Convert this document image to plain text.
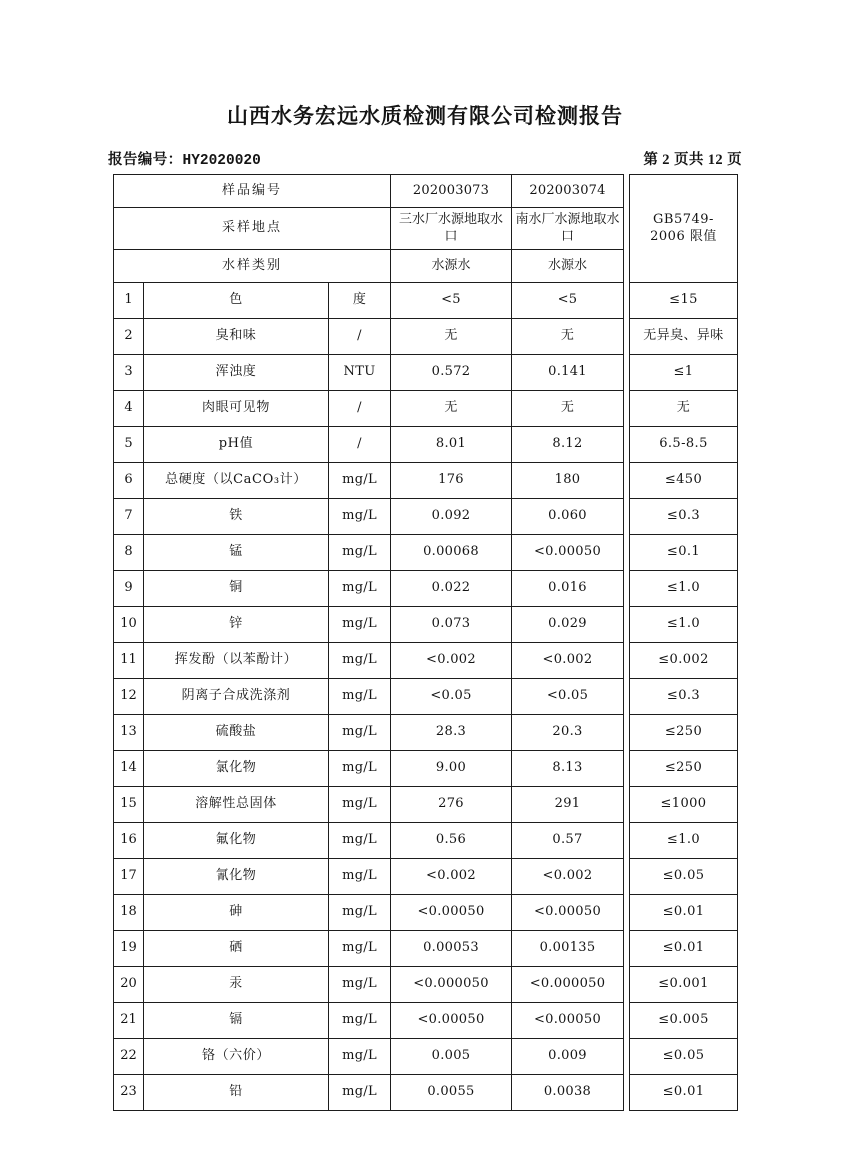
山西水务宏远水质检测有限公司检测报告
报告编号：HY2020020	第 2 页共 12 页
样品编号			202003073	202003074		GB5749-
2006 限值

采样地点			三水厂水源地取水口	南水厂水源地取水口		
水样类别			水源水	水源水		
1	色	度	<5	<5		≤15
2	臭和味	/	无	无		无异臭、异味
3	浑浊度	NTU	0.572	0.141		≤1
4	肉眼可见物	/	无	无		无
5	pH值	/	8.01	8.12		6.5-8.5
6	总硬度（以CaCO₃计）	mg/L	176	180		≤450
7	铁	mg/L	0.092	0.060		≤0.3
8	锰	mg/L	0.00068	<0.00050		≤0.1
9	铜	mg/L	0.022	0.016		≤1.0
10	锌	mg/L	0.073	0.029		≤1.0
11	挥发酚（以苯酚计）	mg/L	<0.002	<0.002		≤0.002
12	阴离子合成洗涤剂	mg/L	<0.05	<0.05		≤0.3
13	硫酸盐	mg/L	28.3	20.3		≤250
14	氯化物	mg/L	9.00	8.13		≤250
15	溶解性总固体	mg/L	276	291		≤1000
16	氟化物	mg/L	0.56	0.57		≤1.0
17	氰化物	mg/L	<0.002	<0.002		≤0.05
18	砷	mg/L	<0.00050	<0.00050		≤0.01
19	硒	mg/L	0.00053	0.00135		≤0.01
20	汞	mg/L	<0.000050	<0.000050		≤0.001
21	镉	mg/L	<0.00050	<0.00050		≤0.005
22	铬（六价）	mg/L	0.005	0.009		≤0.05
23	铅	mg/L	0.0055	0.0038		≤0.01
